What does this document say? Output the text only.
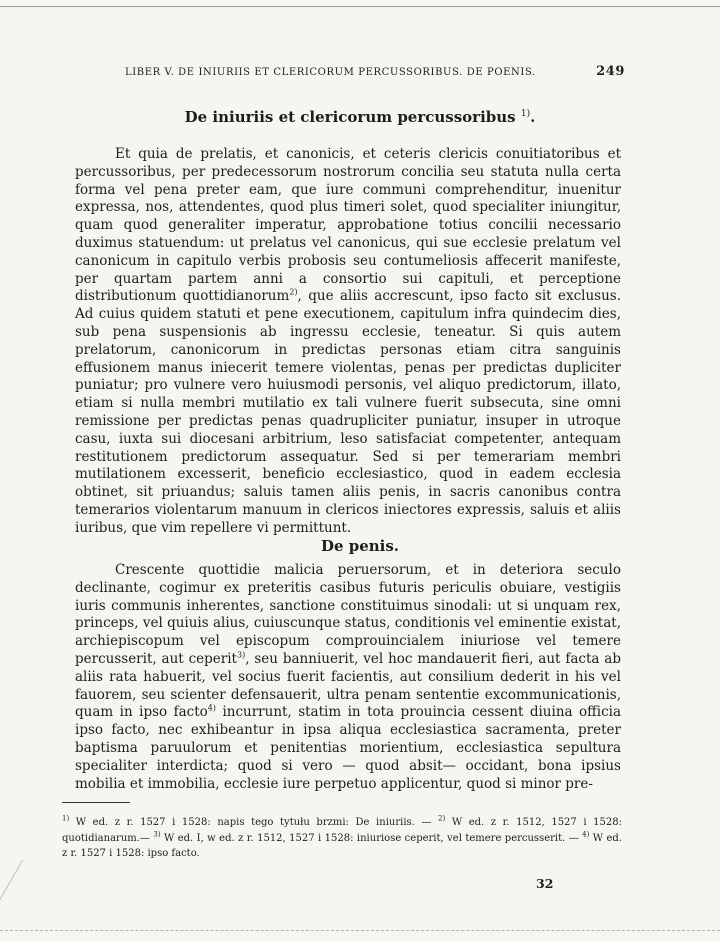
LIBER V. DE INIURIIS ET CLERICORUM PERCUSSORIBUS. DE POENIS.	249
De iniuriis et clericorum percussoribus $^{1)}$.

Et quia de prelatis, et canonicis, et ceteris clericis conuitiatoribus et percussoribus, per predecessorum nostrorum concilia seu statuta nulla certa forma vel pena preter eam, que iure communi comprehenditur, inuenitur expressa, nos, attendentes, quod plus timeri solet, quod specialiter iniungitur, quam quod generaliter imperatur, approbatione totius concilii necessario duximus statuendum: ut prelatus vel canonicus, qui sue ecclesie prelatum vel canonicum in capitulo verbis probosis seu contumeliosis affecerit manifeste, per quartam partem anni a consortio sui capituli, et perceptione distributionum quottidianorum$^{2)}$, que aliis accrescunt, ipso facto sit exclusus. Ad cuius quidem statuti et pene executionem, capitulum infra quindecim dies, sub pena suspensionis ab ingressu ecclesie, teneatur. Si quis autem prelatorum, canonicorum in predictas personas etiam citra sanguinis effusionem manus iniecerit temere violentas, penas per predictas dupliciter puniatur; pro vulnere vero huiusmodi personis, vel aliquo predictorum, illato, etiam si nulla membri mutilatio ex tali vulnere fuerit subsecuta, sine omni remissione per predictas penas quadrupliciter puniatur, insuper in utroque casu, iuxta sui diocesani arbitrium, leso satisfaciat competenter, antequam restitutionem predictorum assequatur. Sed si per temerariam membri mutilationem excesserit, beneficio ecclesiastico, quod in eadem ecclesia obtinet, sit priuandus; saluis tamen aliis penis, in sacris canonibus contra temerarios violentarum manuum in clericos iniectores expressis, saluis et aliis iuribus, que vim repellere vi permittunt.

De penis.

Crescente quottidie malicia peruersorum, et in deteriora seculo declinante, cogimur ex preteritis casibus futuris periculis obuiare, vestigiis iuris communis inherentes, sanctione constituimus sinodali: ut si unquam rex, princeps, vel quiuis alius, cuiuscunque status, conditionis vel eminentie existat, archiepiscopum vel episcopum comprouincialem iniuriose vel temere percusserit, aut ceperit$^{3)}$, seu banniuerit, vel hoc mandauerit fieri, aut facta ab aliis rata habuerit, vel socius fuerit facientis, aut consilium dederit in his vel fauorem, seu scienter defensauerit, ultra penam sententie excommunicationis, quam in ipso facto$^{4)}$ incurrunt, statim in tota prouincia cessent diuina officia ipso facto, nec exhibeantur in ipsa aliqua ecclesiastica sacramenta, preter baptisma paruulorum et penitentias morientium, ecclesiastica sepultura specialiter interdicta; quod si vero — quod absit— occidant, bona ipsius mobilia et immobilia, ecclesie iure perpetuo applicentur, quod si minor pre-

$^{1)}$ W ed. z r. 1527 i 1528: napis tego tytułu brzmi: De iniuriis. — $^{2)}$ W ed. z r. 1512, 1527 i 1528: quotidianarum.— $^{3)}$ W ed. I, w ed. z r. 1512, 1527 i 1528: iniuriose ceperit, vel temere percusserit. — $^{4)}$ W ed. z r. 1527 i 1528: ipso facto.

32
